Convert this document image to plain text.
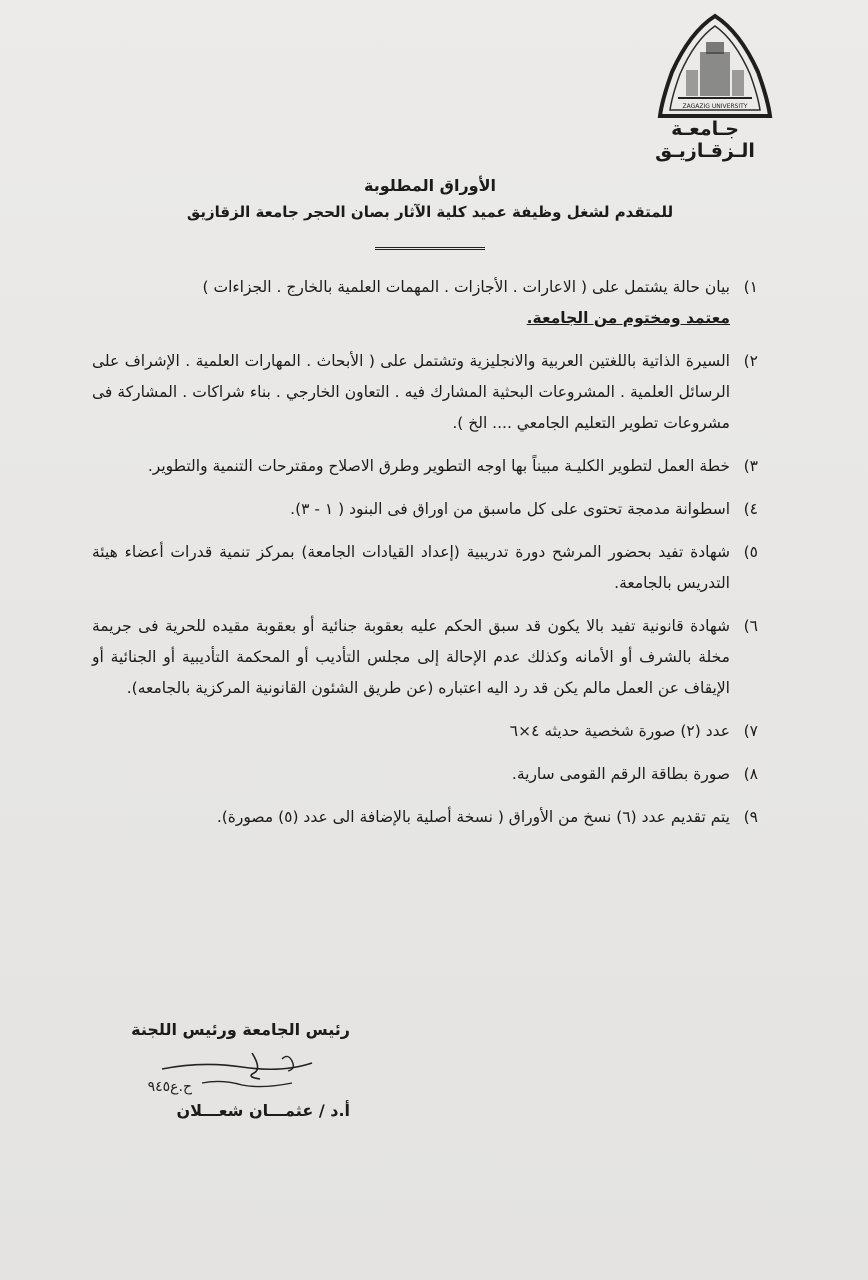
ZAGAZIG UNIVERSITY
جـامعـة الـزقـازيـق

الأوراق المطلوبة

للمتقدم لشغل وظيفة عميد كلية الآثار بصان الحجر جامعة الزقازيق

١)
بيان حالة يشتمل على ( الاعارات . الأجازات . المهمات العلمية بالخارج . الجزاءات )
معتمد ومختوم من الجامعة.
٢)
السيرة الذاتية باللغتين العربية والانجليزية وتشتمل على ( الأبحاث . المهارات العلمية . الإشراف على الرسائل العلمية . المشروعات البحثية المشارك فيه . التعاون الخارجي . بناء شراكات . المشاركة فى مشروعات تطوير التعليم الجامعي .... الخ ).
٣)
خطة العمل لتطوير الكليـة مبيناً بها اوجه التطوير وطرق الاصلاح ومقترحات التنمية والتطوير.
٤)
اسطوانة مدمجة تحتوى على كل ماسبق من اوراق فى البنود ( ١ - ٣).
٥)
شهادة تفيد بحضور المرشح دورة تدريبية (إعداد القيادات الجامعة) بمركز تنمية قدرات أعضاء هيئة التدريس بالجامعة.
٦)
شهادة قانونية تفيد بالا يكون قد سبق الحكم عليه بعقوبة جنائية أو بعقوبة مقيده للحرية فى جريمة مخلة بالشرف أو الأمانه وكذلك عدم الإحالة إلى مجلس التأديب أو المحكمة التأديبية أو الجنائية أو الإيقاف عن العمل مالم يكن قد رد اليه اعتباره (عن طريق الشئون القانونية المركزية بالجامعه).
٧)
عدد (٢) صورة شخصية حديثه ٤×٦
٨)
صورة بطاقة الرقم القومى سارية.
٩)
يتم تقديم عدد (٦) نسخ من الأوراق ( نسخة أصلية بالإضافة الى عدد (٥) مصورة).
رئيس الجامعة ورئيس اللجنة
ح.ع٩٤٥
أ.د / عثمـــان شعـــلان
